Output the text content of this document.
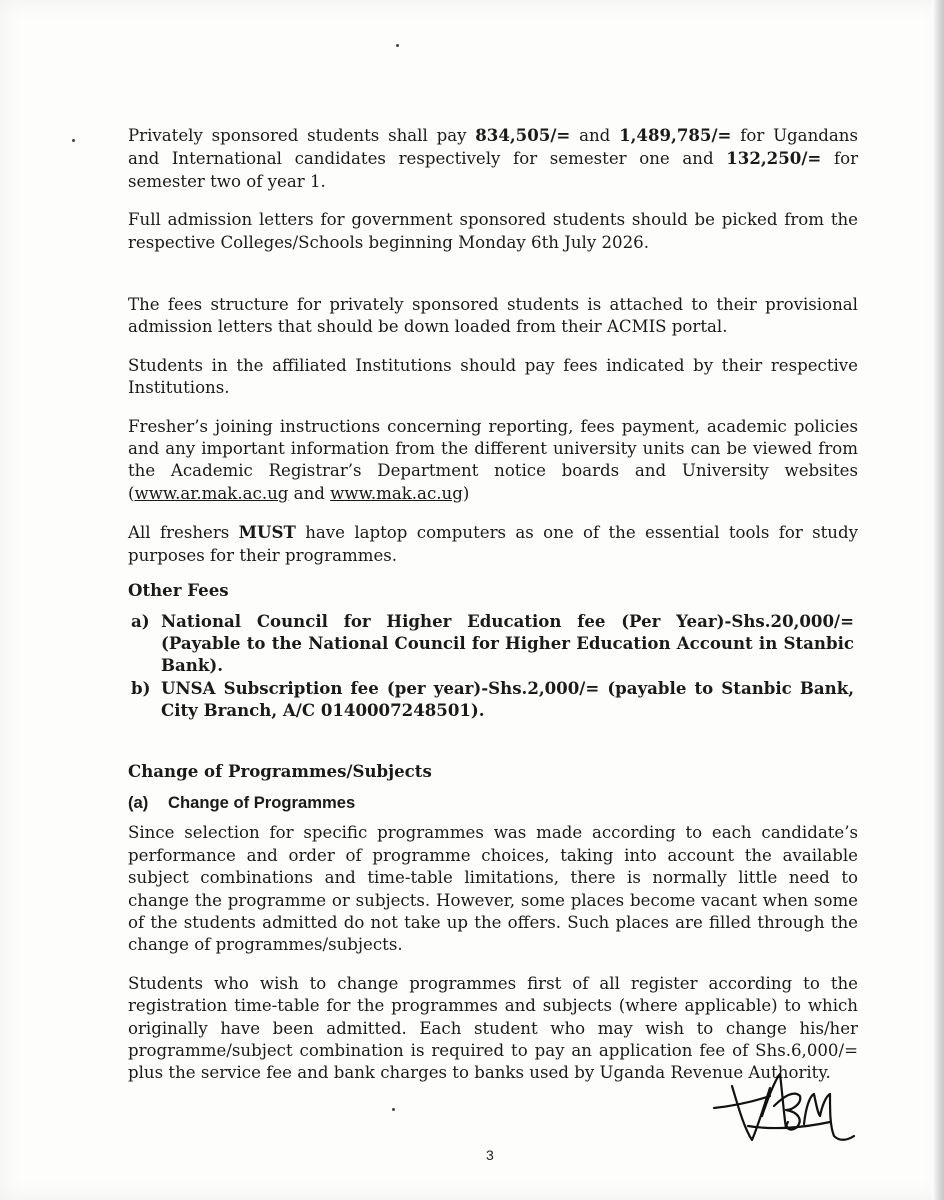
Privately sponsored students shall pay 834,505/= and 1,489,785/= for Ugandans and International candidates respectively for semester one and 132,250/= for semester two of year 1.

Full admission letters for government sponsored students should be picked from the respective Colleges/Schools beginning Monday 6th July 2026.

The fees structure for privately sponsored students is attached to their provisional admission letters that should be down loaded from their ACMIS portal.

Students in the affiliated Institutions should pay fees indicated by their respective Institutions.

Fresher’s joining instructions concerning reporting, fees payment, academic policies and any important information from the different university units can be viewed from the Academic Registrar’s Department notice boards and University websites (www.ar.mak.ac.ug and www.mak.ac.ug)

All freshers MUST have laptop computers as one of the essential tools for study purposes for their programmes.

Other Fees
a) National Council for Higher Education fee (Per Year)-Shs.20,000/= (Payable to the National Council for Higher Education Account in Stanbic Bank).
b) UNSA Subscription fee (per year)-Shs.2,000/= (payable to Stanbic Bank, City Branch, A/C 0140007248501).
Change of Programmes/Subjects
(a)	Change of Programmes

Since selection for specific programmes was made according to each candidate’s performance and order of programme choices, taking into account the available subject combinations and time-table limitations, there is normally little need to change the programme or subjects. However, some places become vacant when some of the students admitted do not take up the offers. Such places are filled through the change of programmes/subjects.

Students who wish to change programmes first of all register according to the registration time-table for the programmes and subjects (where applicable) to which originally have been admitted. Each student who may wish to change his/her programme/subject combination is required to pay an application fee of Shs.6,000/= plus the service fee and bank charges to banks used by Uganda Revenue Authority.

3
